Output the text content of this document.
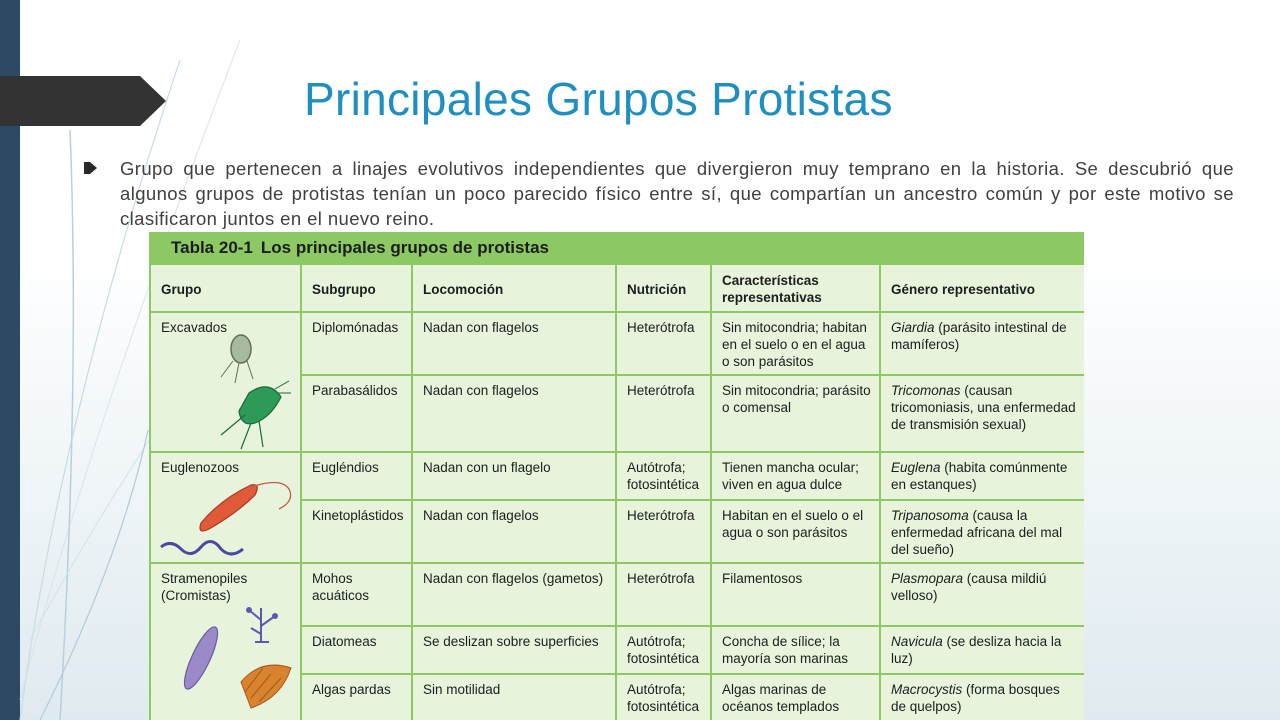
Principales Grupos Protistas

Grupo que pertenecen a linajes evolutivos independientes que divergieron muy temprano en la historia. Se descubrió que algunos grupos de protistas tenían un poco parecido físico entre sí, que compartían un ancestro común y por este motivo se clasificaron juntos en el nuevo reino.

Tabla 20-1 Los principales grupos de protistas
Grupo	Subgrupo	Locomoción	Nutrición	Características representativas	Género representativo

Excavados	Diplomónadas	Nadan con flagelos	Heterótrofa	Sin mitocondria; habitan en el suelo o en el agua o son parásitos	Giardia (parásito intestinal de mamíferos)
	Parabasálidos	Nadan con flagelos	Heterótrofa	Sin mitocondria; parásito o comensal	Tricomonas (causan tricomoniasis, una enfermedad de transmisión sexual)

Euglenozoos	Eugléndios	Nadan con un flagelo	Autótrofa; fotosintética	Tienen mancha ocular; viven en agua dulce	Euglena (habita comúnmente en estanques)
	Kinetoplástidos	Nadan con flagelos	Heterótrofa	Habitan en el suelo o el agua o son parásitos	Tripanosoma (causa la enfermedad africana del mal del sueño)

Stramenopiles (Cromistas)	Mohos acuáticos	Nadan con flagelos (gametos)	Heterótrofa	Filamentosos	Plasmopara (causa mildiú velloso)
	Diatomeas	Se deslizan sobre superficies	Autótrofa; fotosintética	Concha de sílice; la mayoría son marinas	Navicula (se desliza hacia la luz)
	Algas pardas	Sin motilidad	Autótrofa; fotosintética	Algas marinas de océanos templados	Macrocystis (forma bosques de quelpos)
